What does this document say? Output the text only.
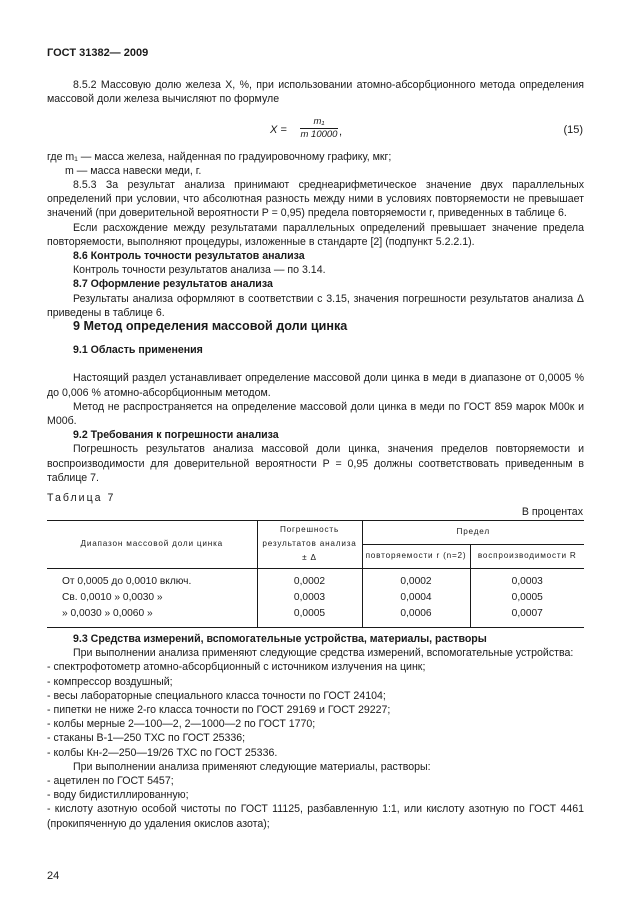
ГОСТ 31382— 2009

8.5.2 Массовую долю железа X, %, при использовании атомно-абсорбционного метода определения массовой доли железа вычисляют по формуле

$X = \frac{\text{m₁}}{m 10000}$ ,	(15)
где m₁ — масса железа, найденная по градуировочному графику, мкг;
m — масса навески меди, г.

8.5.3 За результат анализа принимают среднеарифметическое значение двух параллельных определений при условии, что абсолютная разность между ними в условиях повторяемости не превышает значений (при доверительной вероятности P = 0,95) предела повторяемости r, приведенных в таблице 6.

Если расхождение между результатами параллельных определений превышает значение предела повторяемости, выполняют процедуры, изложенные в стандарте [2] (подпункт 5.2.2.1).

8.6 Контроль точности результатов анализа

Контроль точности результатов анализа — по 3.14.

8.7 Оформление результатов анализа

Результаты анализа оформляют в соответствии с 3.15, значения погрешности результатов анализа Δ приведены в таблице 6.

9 Метод определения массовой доли цинка

9.1 Область применения

Настоящий раздел устанавливает определение массовой доли цинка в меди в диапазоне от 0,0005 % до 0,006 % атомно-абсорбционным методом.

Метод не распространяется на определение массовой доли цинка в меди по ГОСТ 859 марок М00к и М00б.

9.2 Требования к погрешности анализа

Погрешность результатов анализа массовой доли цинка, значения пределов повторяемости и воспроизводимости для доверительной вероятности P = 0,95 должны соответствовать приведенным в таблице 7.

Таблица 7
В процентах
Диапазон массовой доли цинка	Погрешность результатов анализа ± Δ	Предел	
		повторяемости r (n=2)	воспроизводимости R
От 0,0005 до 0,0010 включ.	0,0002	0,0002	0,0003
Св. 0,0010 » 0,0030 »	0,0003	0,0004	0,0005
» 0,0030 » 0,0060 »	0,0005	0,0006	0,0007

9.3 Средства измерений, вспомогательные устройства, материалы, растворы

При выполнении анализа применяют следующие средства измерений, вспомогательные устройства:

- спектрофотометр атомно-абсорбционный с источником излучения на цинк;

- компрессор воздушный;

- весы лабораторные специального класса точности по ГОСТ 24104;

- пипетки не ниже 2-го класса точности по ГОСТ 29169 и ГОСТ 29227;

- колбы мерные 2—100—2, 2—1000—2 по ГОСТ 1770;

- стаканы В-1—250 ТХС по ГОСТ 25336;

- колбы Кн-2—250—19/26 ТХС по ГОСТ 25336.

При выполнении анализа применяют следующие материалы, растворы:

- ацетилен по ГОСТ 5457;

- воду бидистиллированную;

- кислоту азотную особой чистоты по ГОСТ 11125, разбавленную 1:1, или кислоту азотную по ГОСТ 4461 (прокипяченную до удаления окислов азота);

24
